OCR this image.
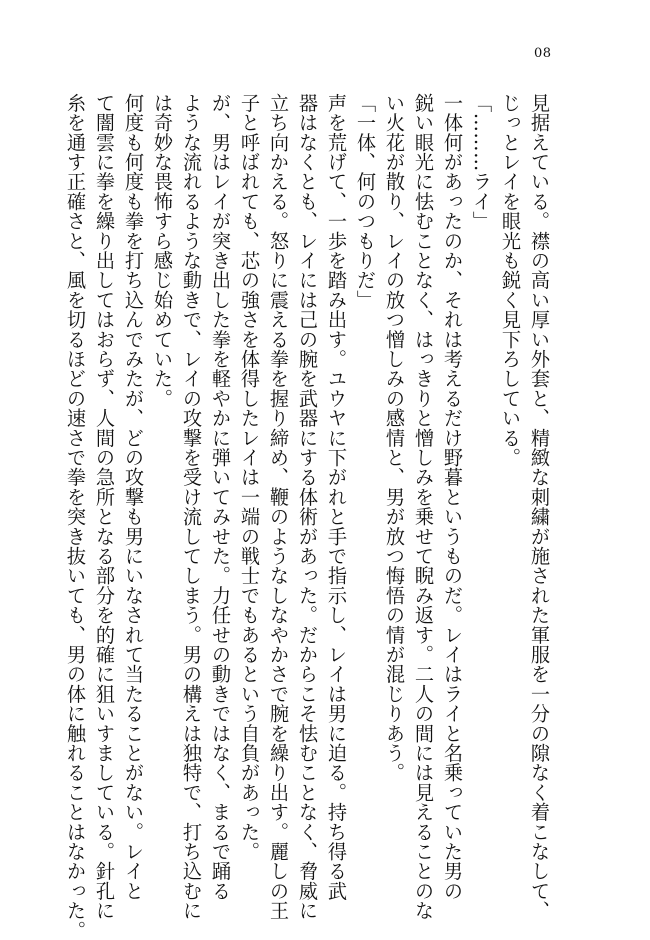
08
見据えている。襟の高い厚い外套と、精緻な刺繍が施された軍服を一分の隙なく着こなして、
じっとレイを眼光も鋭く見下ろしている。
「………ライ」
一体何があったのか、それは考えるだけ野暮というものだ。レイはライと名乗っていた男の
鋭い眼光に怯むことなく、はっきりと憎しみを乗せて睨み返す。二人の間には見えることのな
い火花が散り、レイの放つ憎しみの感情と、男が放つ悔悟の情が混じりあう。
「一体、何のつもりだ」
声を荒げて、一歩を踏み出す。ユウヤに下がれと手で指示し、レイは男に迫る。持ち得る武
器はなくとも、レイには己の腕を武器にする体術があった。だからこそ怯むことなく、脅威に
立ち向かえる。怒りに震える拳を握り締め、鞭のようなしなやかさで腕を繰り出す。麗しの王
子と呼ばれても、芯の強さを体得したレイは一端の戦士でもあるという自負があった。
が、男はレイが突き出した拳を軽やかに弾いてみせた。力任せの動きではなく、まるで踊る
ような流れるような動きで、レイの攻撃を受け流してしまう。男の構えは独特で、打ち込むに
は奇妙な畏怖すら感じ始めていた。
何度も何度も拳を打ち込んでみたが、どの攻撃も男にいなされて当たることがない。レイと
て闇雲に拳を繰り出してはおらず、人間の急所となる部分を的確に狙いすましている。針孔に
糸を通す正確さと、風を切るほどの速さで拳を突き抜いても、男の体に触れることはなかった。
